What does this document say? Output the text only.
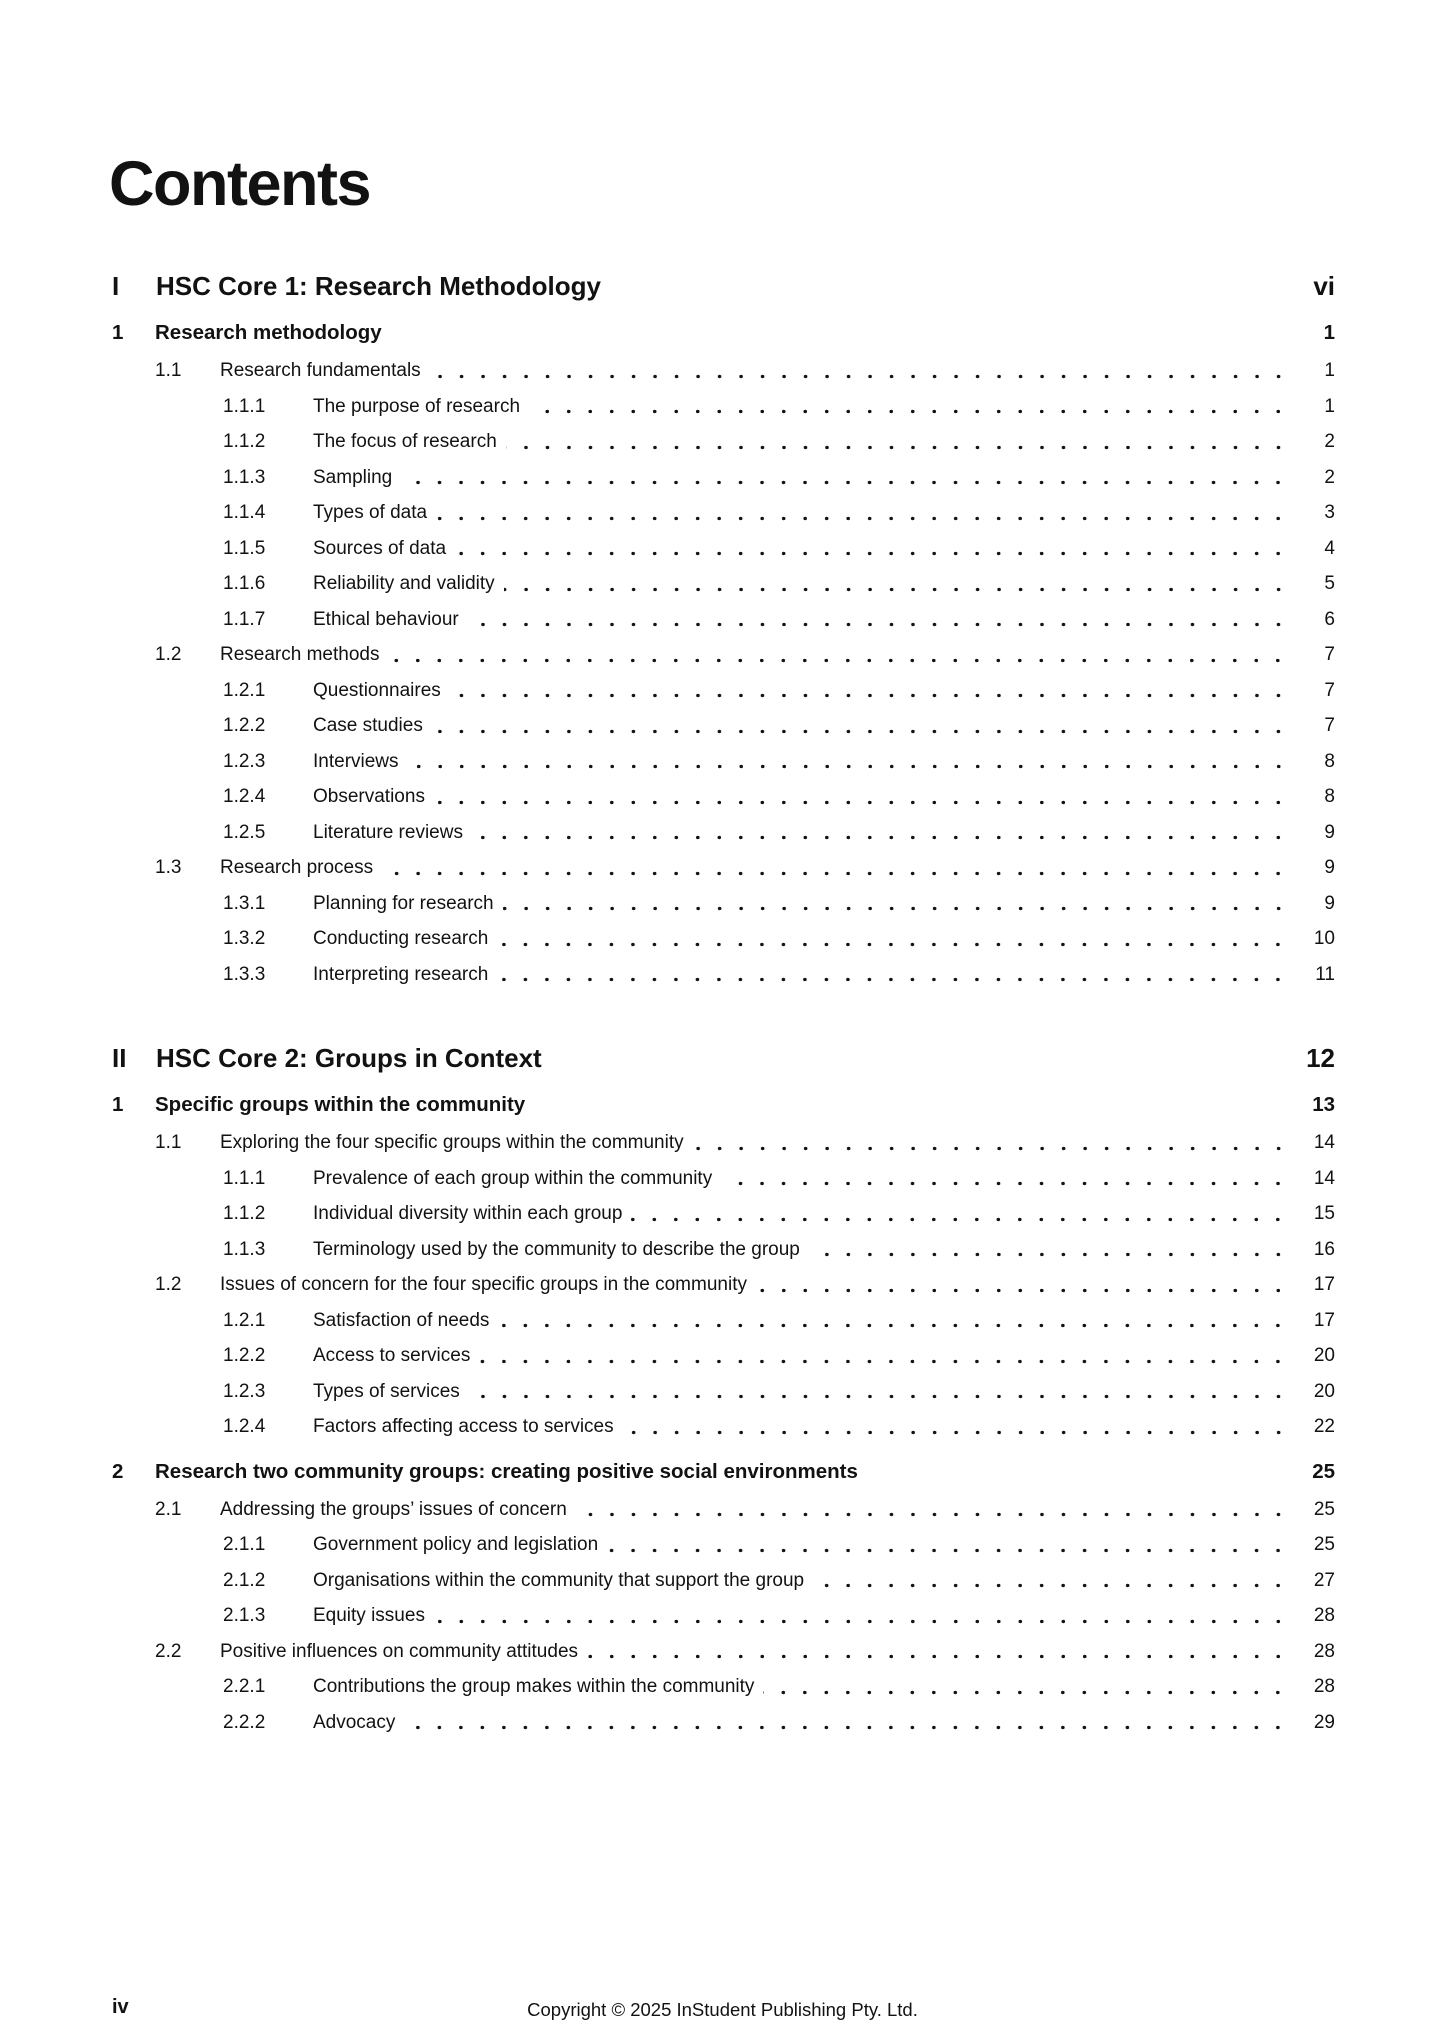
Contents
I	HSC Core 1: Research Methodology	vi
1	Research methodology	1
1.1	Research fundamentals	1
1.1.1	The purpose of research	1
1.1.2	The focus of research	2
1.1.3	Sampling	2
1.1.4	Types of data	3
1.1.5	Sources of data	4
1.1.6	Reliability and validity	5
1.1.7	Ethical behaviour	6
1.2	Research methods	7
1.2.1	Questionnaires	7
1.2.2	Case studies	7
1.2.3	Interviews	8
1.2.4	Observations	8
1.2.5	Literature reviews	9
1.3	Research process	9
1.3.1	Planning for research	9
1.3.2	Conducting research	10
1.3.3	Interpreting research	11
II	HSC Core 2: Groups in Context	12
1	Specific groups within the community	13
1.1	Exploring the four specific groups within the community	14
1.1.1	Prevalence of each group within the community	14
1.1.2	Individual diversity within each group	15
1.1.3	Terminology used by the community to describe the group	16
1.2	Issues of concern for the four specific groups in the community	17
1.2.1	Satisfaction of needs	17
1.2.2	Access to services	20
1.2.3	Types of services	20
1.2.4	Factors affecting access to services	22
2	Research two community groups: creating positive social environments	25
2.1	Addressing the groups’ issues of concern	25
2.1.1	Government policy and legislation	25
2.1.2	Organisations within the community that support the group	27
2.1.3	Equity issues	28
2.2	Positive influences on community attitudes	28
2.2.1	Contributions the group makes within the community	28
2.2.2	Advocacy	29
iv	Copyright © 2025 InStudent Publishing Pty. Ltd.
